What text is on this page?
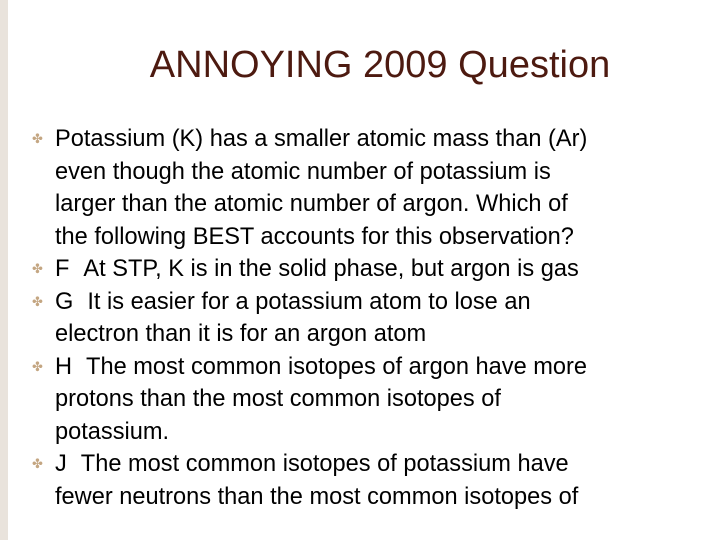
ANNOYING 2009 Question
✤ Potassium (K) has a smaller atomic mass than (Ar)
even though the atomic number of potassium is
larger than the atomic number of argon. Which of
the following BEST accounts for this observation?
✤ F At STP, K is in the solid phase, but argon is gas
✤ G It is easier for a potassium atom to lose an
electron than it is for an argon atom
✤ H The most common isotopes of argon have more
protons than the most common isotopes of
potassium.
✤ J The most common isotopes of potassium have
fewer neutrons than the most common isotopes of
